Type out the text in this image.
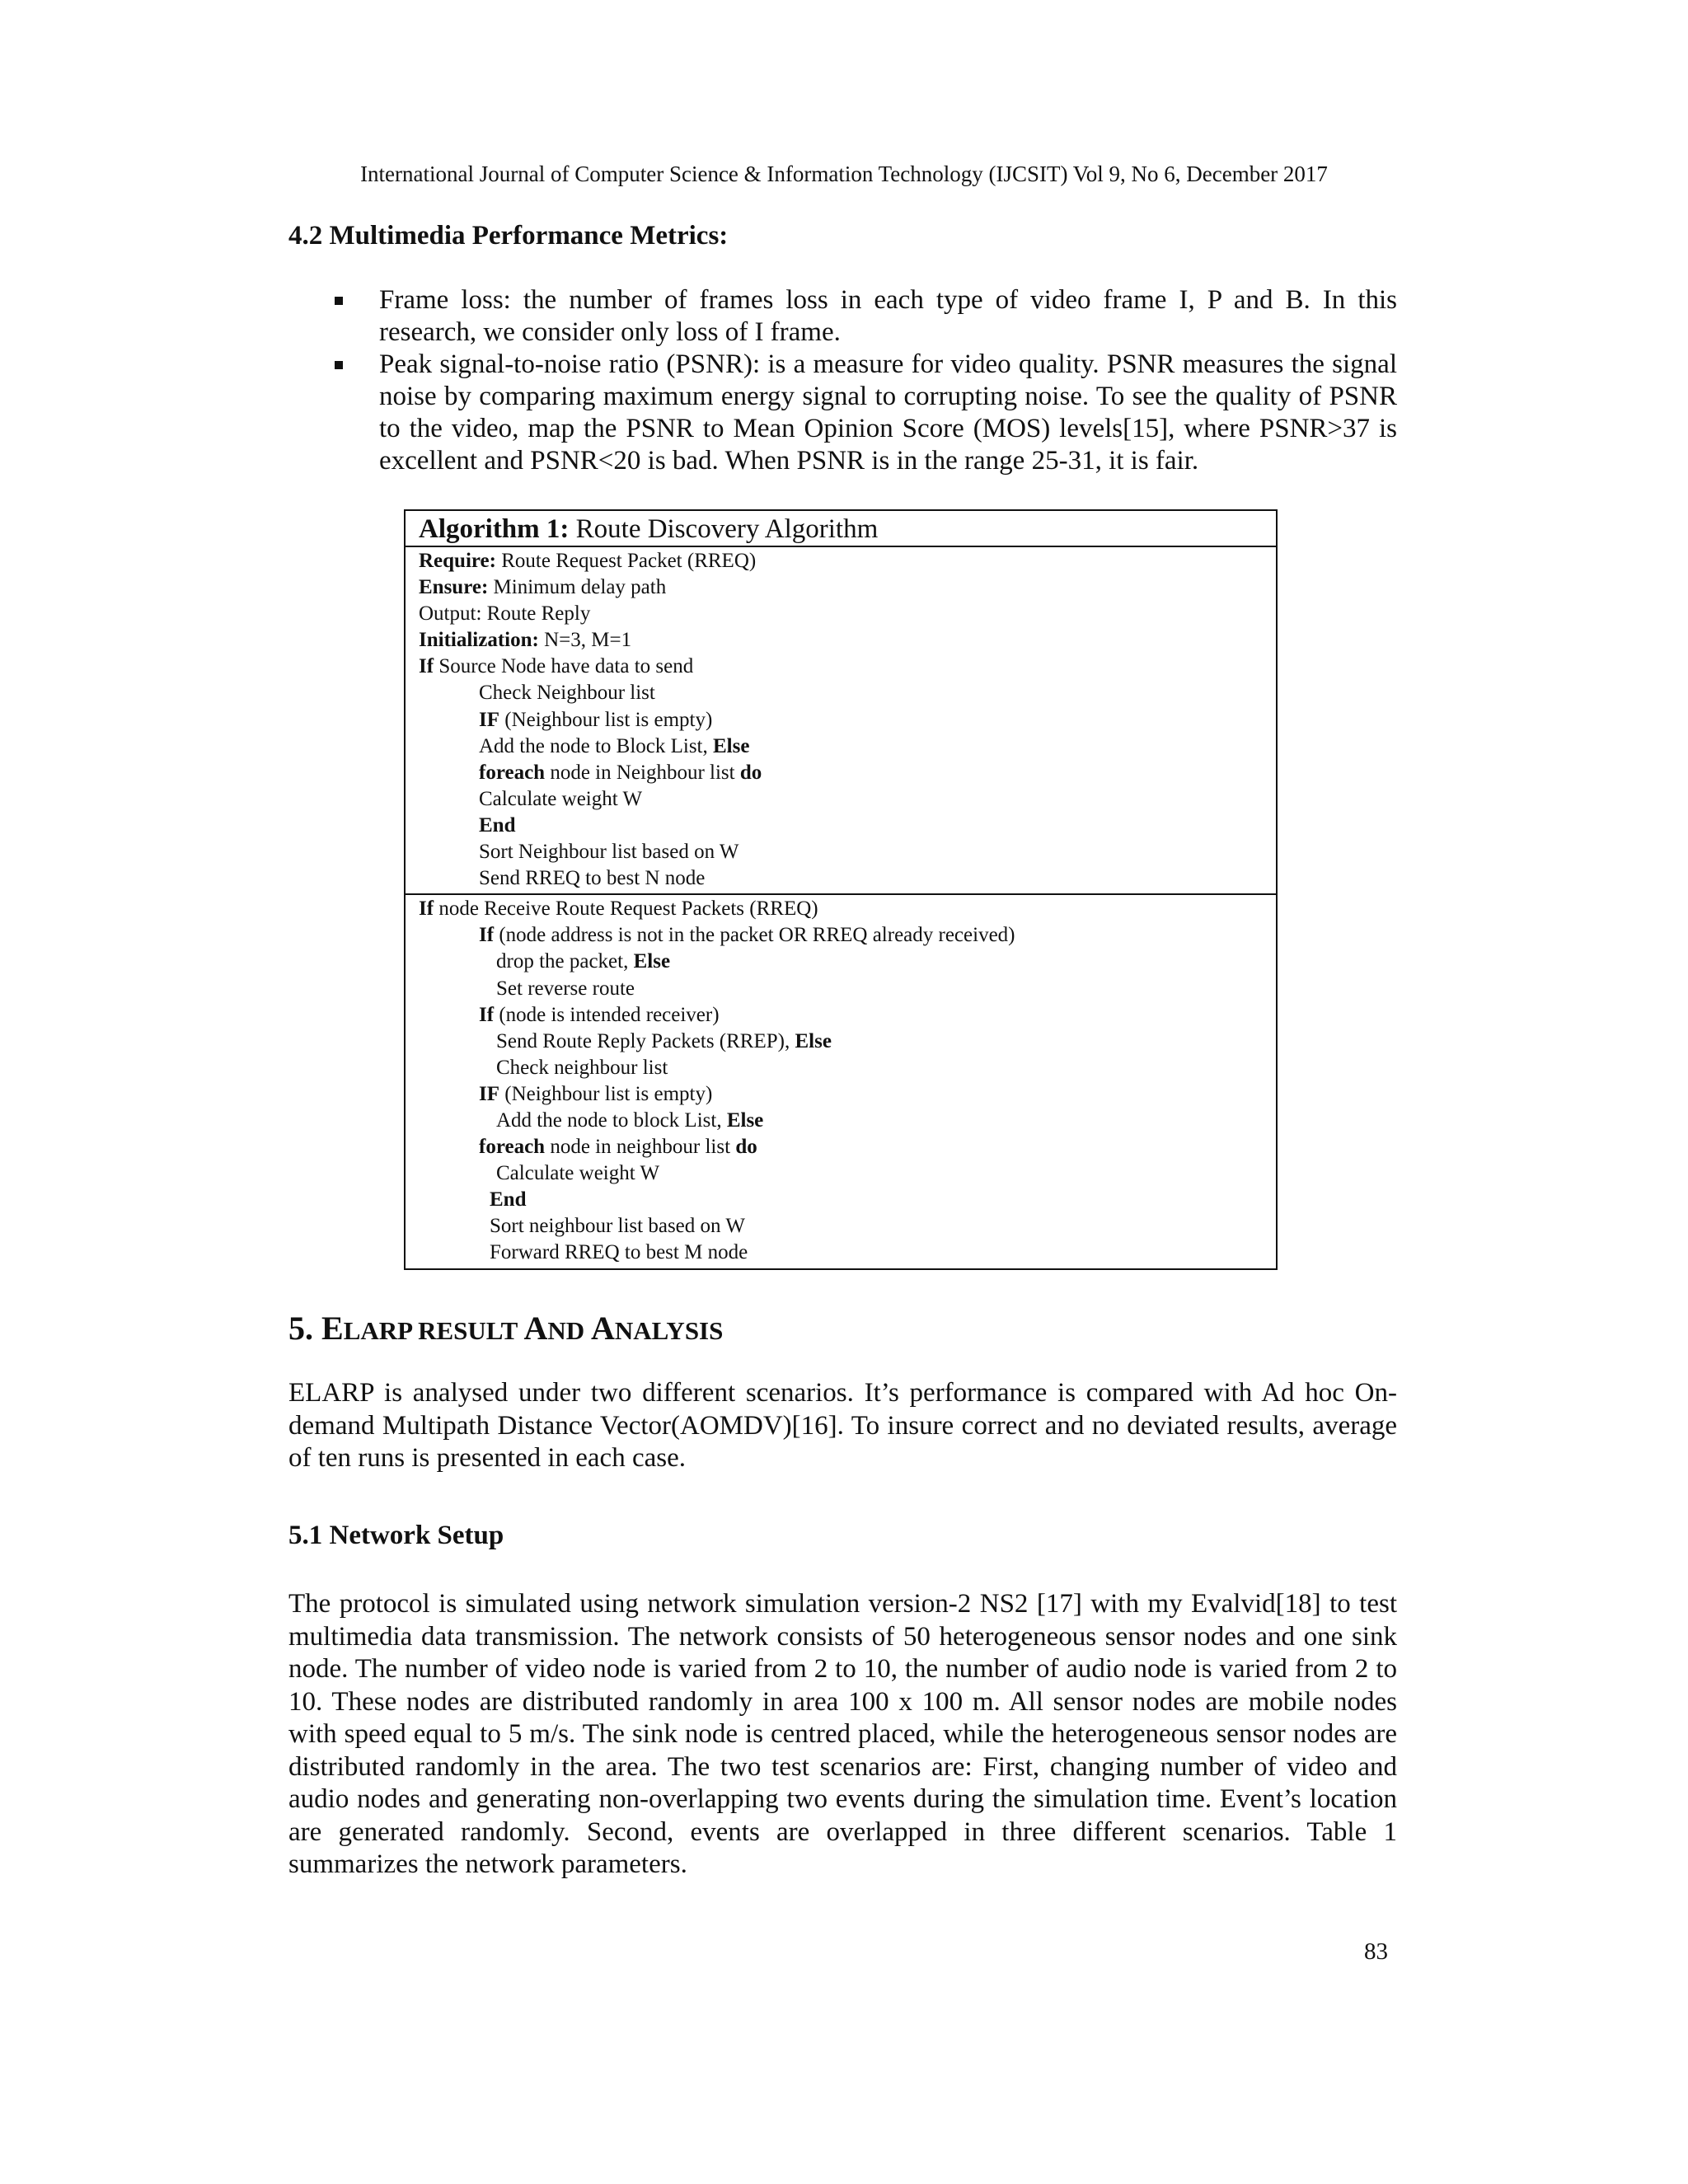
International Journal of Computer Science & Information Technology (IJCSIT) Vol 9, No 6, December 2017
4.2 Multimedia Performance Metrics:
Frame loss: the number of frames loss in each type of video frame I, P and B. In this research, we consider only loss of I frame.
Peak signal-to-noise ratio (PSNR): is a measure for video quality. PSNR measures the signal noise by comparing maximum energy signal to corrupting noise. To see the quality of PSNR to the video, map the PSNR to Mean Opinion Score (MOS) levels[15], where PSNR>37 is excellent and PSNR<20 is bad. When PSNR is in the range 25-31, it is fair.
Algorithm 1: Route Discovery Algorithm
Require: Route Request Packet (RREQ)
Ensure: Minimum delay path
Output: Route Reply
Initialization: N=3, M=1
If Source Node have data to send
Check Neighbour list
IF (Neighbour list is empty)
Add the node to Block List, Else
foreach node in Neighbour list do
Calculate weight W
End
Sort Neighbour list based on W
Send RREQ to best N node
If node Receive Route Request Packets (RREQ)
If (node address is not in the packet OR RREQ already received)
drop the packet, Else
Set reverse route
If (node is intended receiver)
Send Route Reply Packets (RREP), Else
Check neighbour list
IF (Neighbour list is empty)
Add the node to block List, Else
foreach node in neighbour list do
Calculate weight W
End
Sort neighbour list based on W
Forward RREQ to best M node
5. ELARP RESULT AND ANALYSIS

ELARP is analysed under two different scenarios. It’s performance is compared with Ad hoc On-demand Multipath Distance Vector(AOMDV)[16]. To insure correct and no deviated results, average of ten runs is presented in each case.

5.1 Network Setup

The protocol is simulated using network simulation version-2 NS2 [17] with my Evalvid[18] to test multimedia data transmission. The network consists of 50 heterogeneous sensor nodes and one sink node. The number of video node is varied from 2 to 10, the number of audio node is varied from 2 to 10. These nodes are distributed randomly in area 100 x 100 m. All sensor nodes are mobile nodes with speed equal to 5 m/s. The sink node is centred placed, while the heterogeneous sensor nodes are distributed randomly in the area. The two test scenarios are: First, changing number of video and audio nodes and generating non-overlapping two events during the simulation time. Event’s location are generated randomly. Second, events are overlapped in three different scenarios. Table 1 summarizes the network parameters.

83
